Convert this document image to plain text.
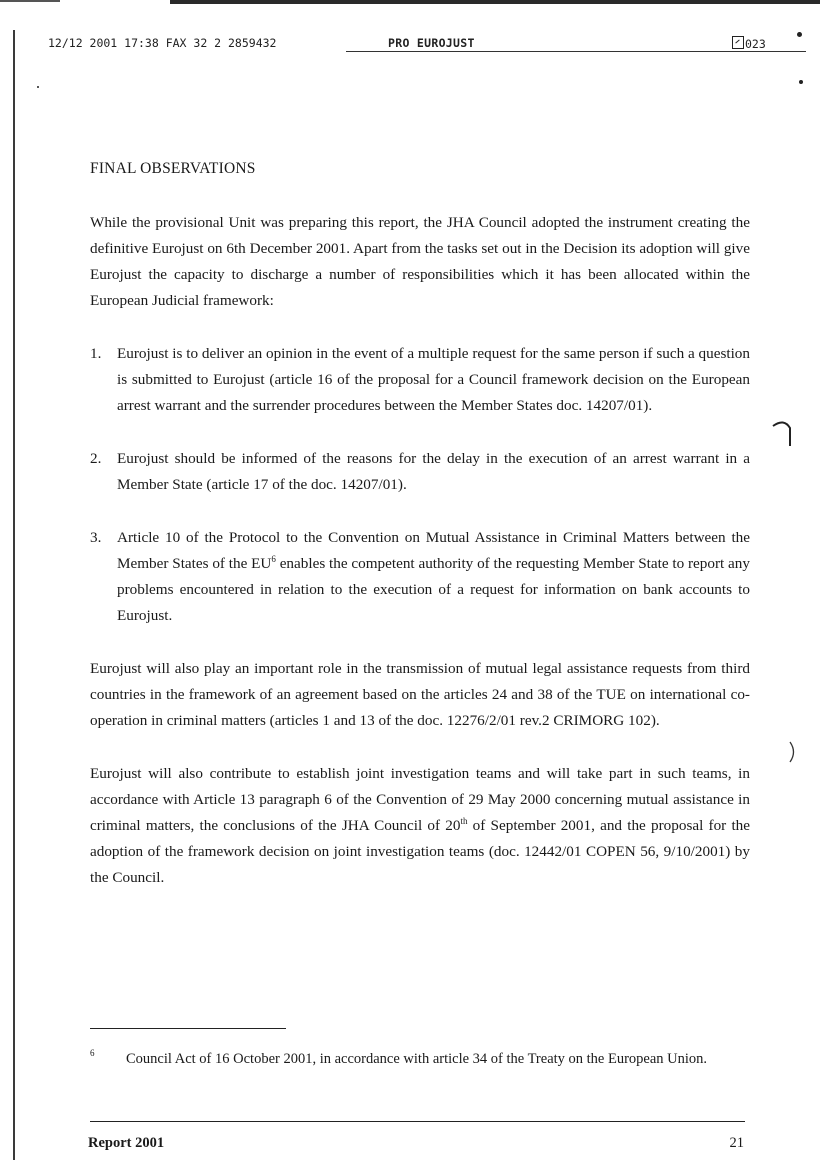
12/12 2001 17:38 FAX 32 2 2859432	PRO EUROJUST	023
FINAL OBSERVATIONS

While the provisional Unit was preparing this report, the JHA Council adopted the instrument creating the definitive Eurojust on 6th December 2001. Apart from the tasks set out in the Decision its adoption will give Eurojust the capacity to discharge a number of responsibilities which it has been allocated within the European Judicial framework:

1. Eurojust is to deliver an opinion in the event of a multiple request for the same person if such a question is submitted to Eurojust (article 16 of the proposal for a Council framework decision on the European arrest warrant and the surrender procedures between the Member States doc. 14207/01).
2. Eurojust should be informed of the reasons for the delay in the execution of an arrest warrant in a Member State (article 17 of the doc. 14207/01).
3. Article 10 of the Protocol to the Convention on Mutual Assistance in Criminal Matters between the Member States of the $EU^6$ enables the competent authority of the requesting Member State to report any problems encountered in relation to the execution of a request for information on bank accounts to Eurojust.

Eurojust will also play an important role in the transmission of mutual legal assistance requests from third countries in the framework of an agreement based on the articles 24 and 38 of the TUE on international co-operation in criminal matters (articles 1 and 13 of the doc. 12276/2/01 rev.2 CRIMORG 102).

Eurojust will also contribute to establish joint investigation teams and will take part in such teams, in accordance with Article 13 paragraph 6 of the Convention of 29 May 2000 concerning mutual assistance in criminal matters, the conclusions of the JHA Council of 20th of September 2001, and the proposal for the adoption of the framework decision on joint investigation teams (doc. 12442/01 COPEN 56, 9/10/2001) by the Council.

6 Council Act of 16 October 2001, in accordance with article 34 of the Treaty on the European Union.
Report 2001	21
